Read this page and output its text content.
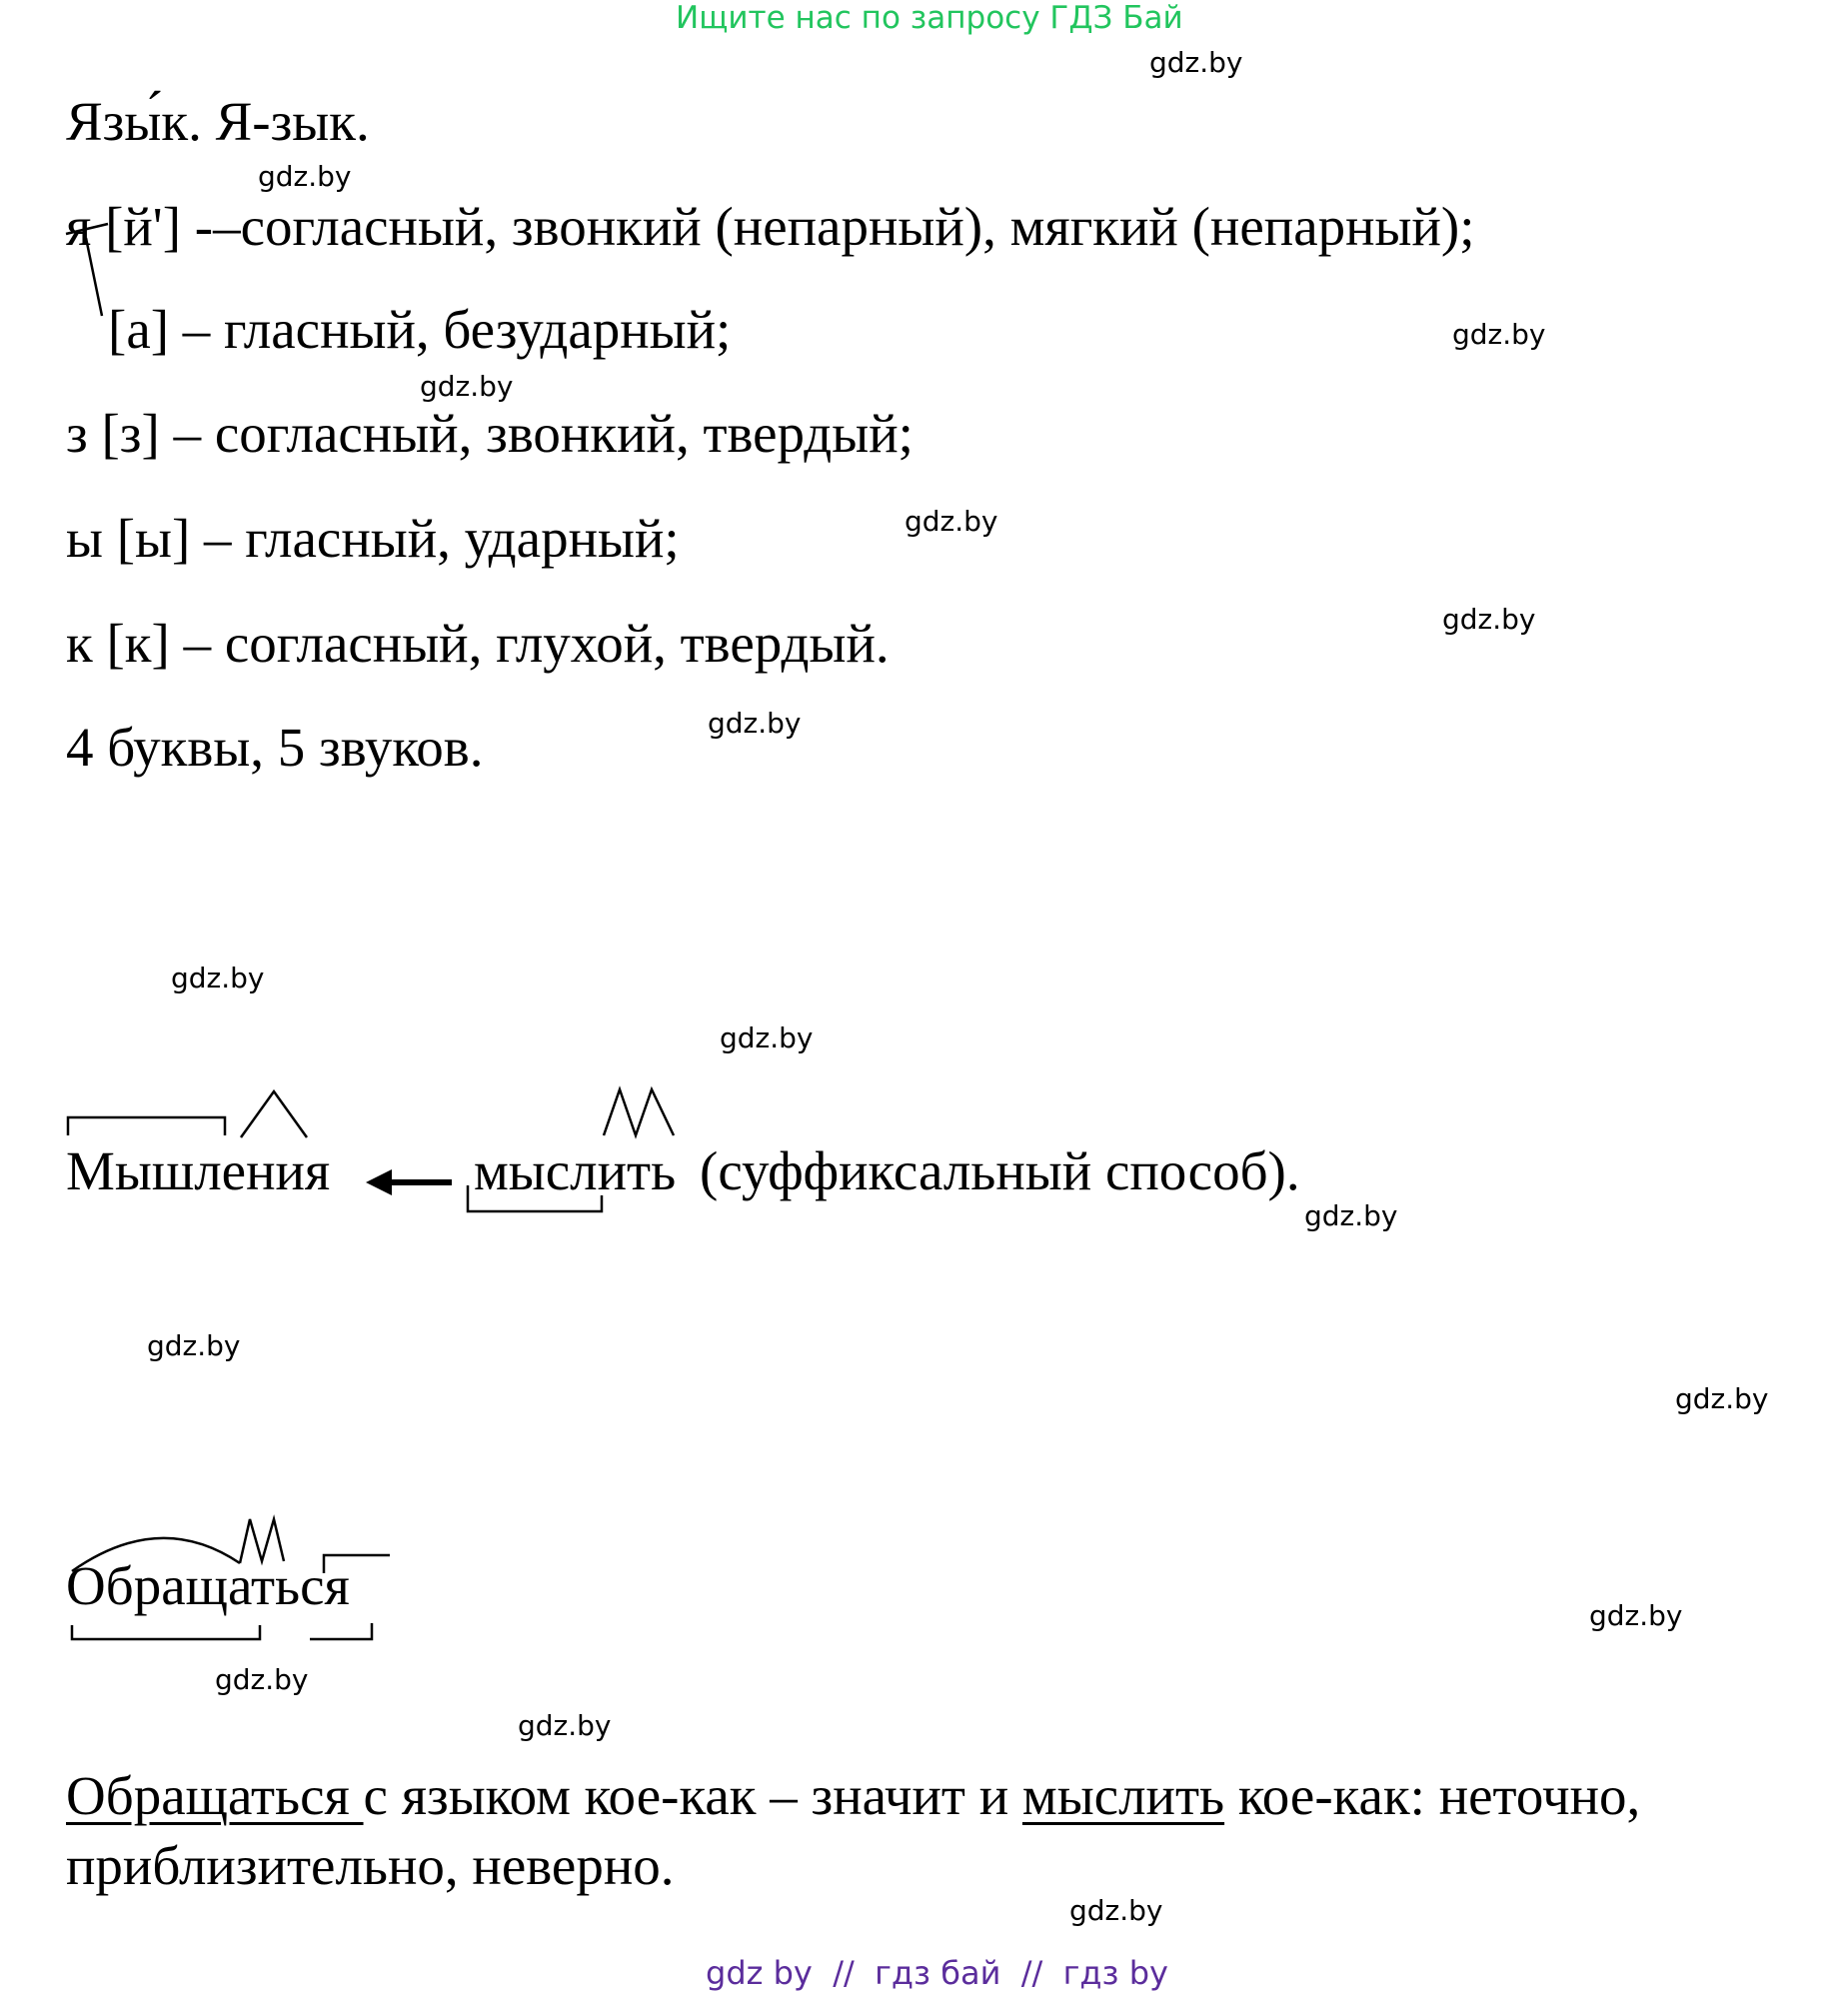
Ищите нас по запросу ГДЗ Бай
Язы́к. Я-зык.
я [й'] -–согласный, звонкий (непарный), мягкий (непарный);
[а] – гласный, безударный;
з [з] – согласный, звонкий, твердый;
ы [ы] – гласный, ударный;
к [к] – согласный, глухой, твердый.
4 буквы, 5 звуков.
Мышления	мыслить (суффиксальный способ).
Обращаться
Обращаться с языком кое-как – значит и мыслить кое-как: неточно,
приблизительно, неверно.
gdz.by
gdz.by
gdz.by
gdz.by
gdz.by
gdz.by
gdz.by
gdz.by
gdz.by
gdz.by
gdz.by
gdz.by
gdz.by
gdz.by
gdz.by
gdz.by
gdz by  //  гдз бай  //  гдз by
